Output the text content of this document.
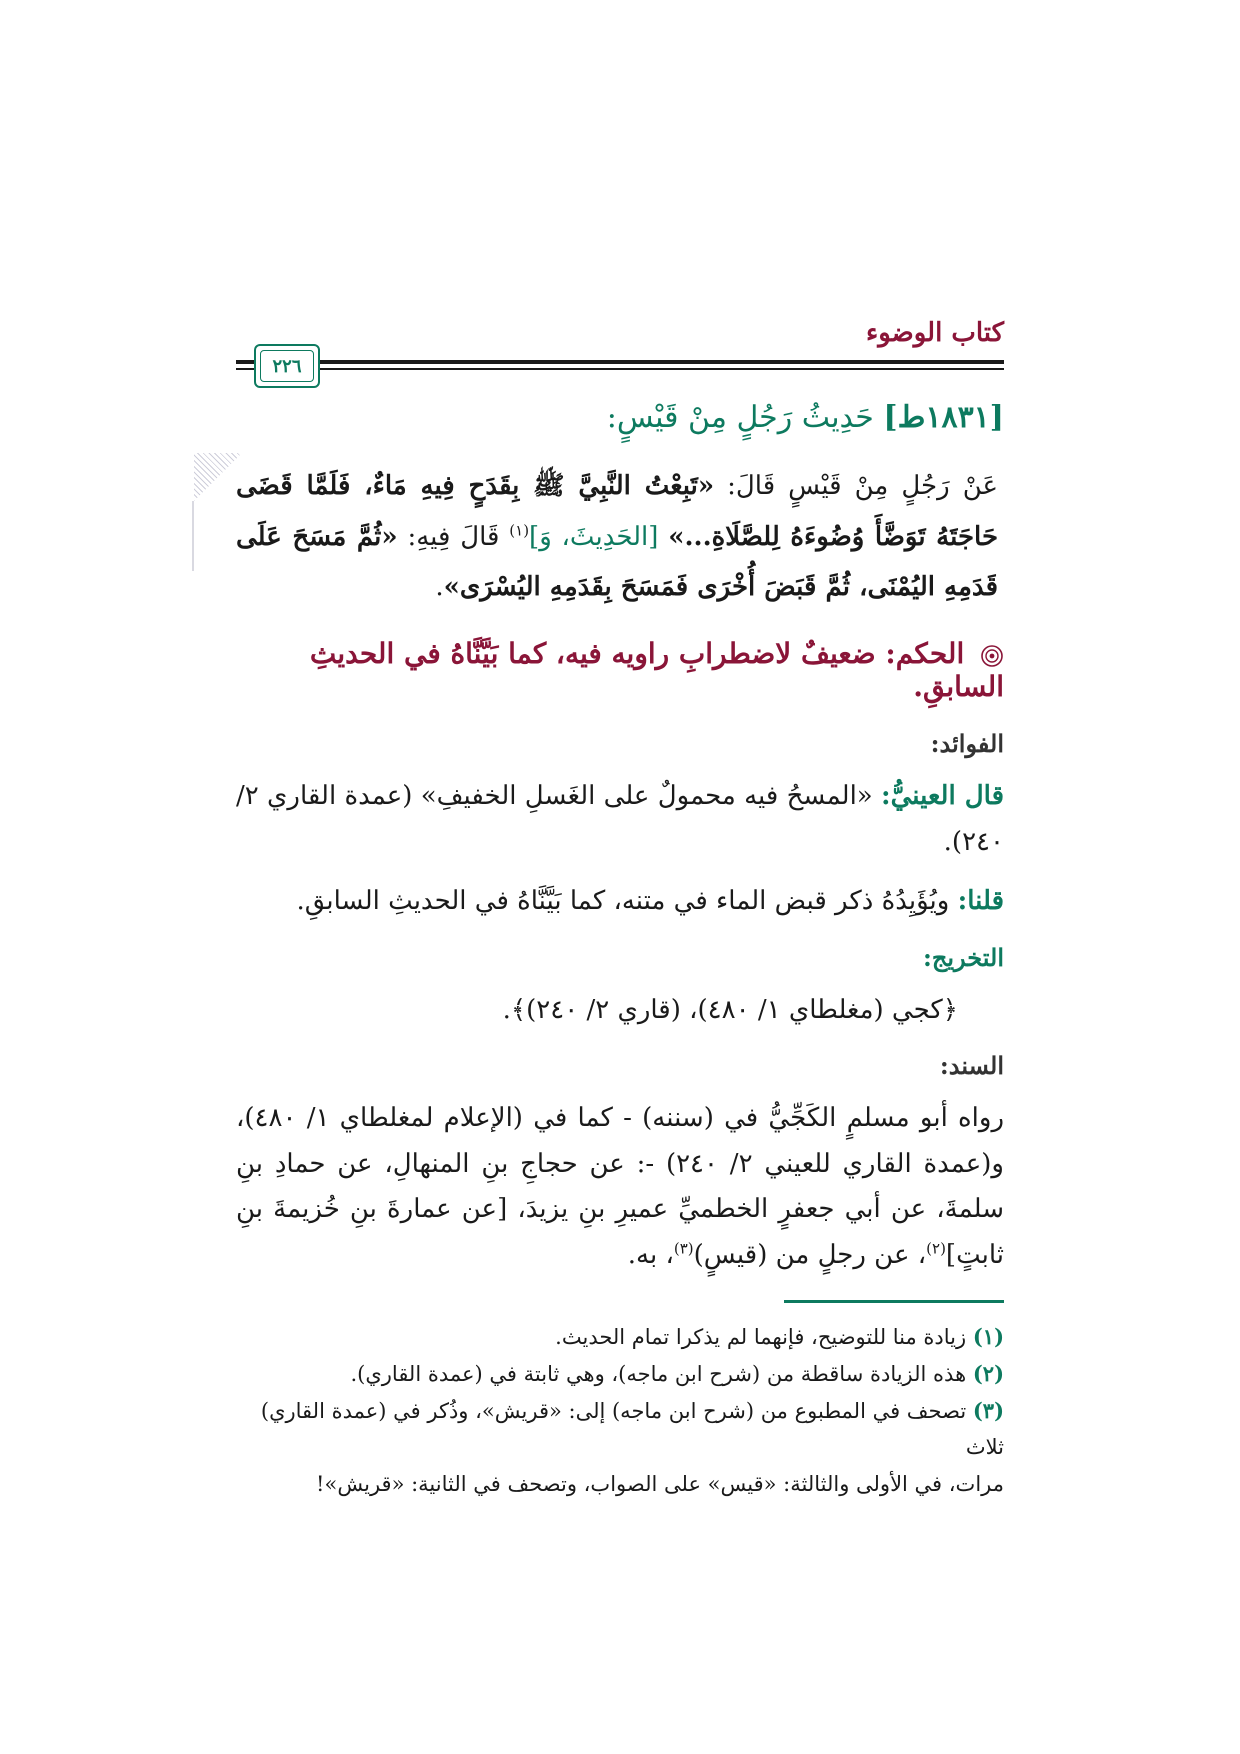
كتاب الوضوء
٢٢٦
[١٨٣١ط] حَدِيثُ رَجُلٍ مِنْ قَيْسٍ:
عَنْ رَجُلٍ مِنْ قَيْسٍ قَالَ: «تَبِعْتُ النَّبِيَّ ﷺ بِقَدَحٍ فِيهِ مَاءٌ، فَلَمَّا قَضَى حَاجَتَهُ تَوَضَّأَ وُضُوءَهُ لِلصَّلَاةِ...» [الحَدِيثَ، وَ]$^{(١)}$ قَالَ فِيهِ: «ثُمَّ مَسَحَ عَلَى قَدَمِهِ اليُمْنَى، ثُمَّ قَبَضَ أُخْرَى فَمَسَحَ بِقَدَمِهِ اليُسْرَى».
الحكم: ضعيفٌ لاضطرابِ راويه فيه، كما بَيَّنَّاهُ في الحديثِ السابقِ.
الفوائد:
قال العينيُّ: «المسحُ فيه محمولٌ على الغَسلِ الخفيفِ» (عمدة القاري ٢/ ٢٤٠).
قلنا: ويُؤَيِدُهُ ذكر قبض الماء في متنه، كما بَيَّنَّاهُ في الحديثِ السابقِ.
التخريج:
﴿كجي (مغلطاي ١/ ٤٨٠)، (قاري ٢/ ٢٤٠)﴾.
السند:
رواه أبو مسلمٍ الكَجِّيُّ في (سننه) - كما في (الإعلام لمغلطاي ١/ ٤٨٠)، و(عمدة القاري للعيني ٢/ ٢٤٠) -: عن حجاجِ بنِ المنهالِ، عن حمادِ بنِ سلمةَ، عن أبي جعفرٍ الخطميِّ عميرِ بنِ يزيدَ، [عن عمارةَ بنِ خُزيمةَ بنِ ثابتٍ]$^{(٢)}$، عن رجلٍ من (قيسٍ)$^{(٣)}$، به.
(١) زيادة منا للتوضيح، فإنهما لم يذكرا تمام الحديث.
(٢) هذه الزيادة ساقطة من (شرح ابن ماجه)، وهي ثابتة في (عمدة القاري).
(٣) تصحف في المطبوع من (شرح ابن ماجه) إلى: «قريش»، وذُكر في (عمدة القاري) ثلاث
مرات، في الأولى والثالثة: «قيس» على الصواب، وتصحف في الثانية: «قريش»!
